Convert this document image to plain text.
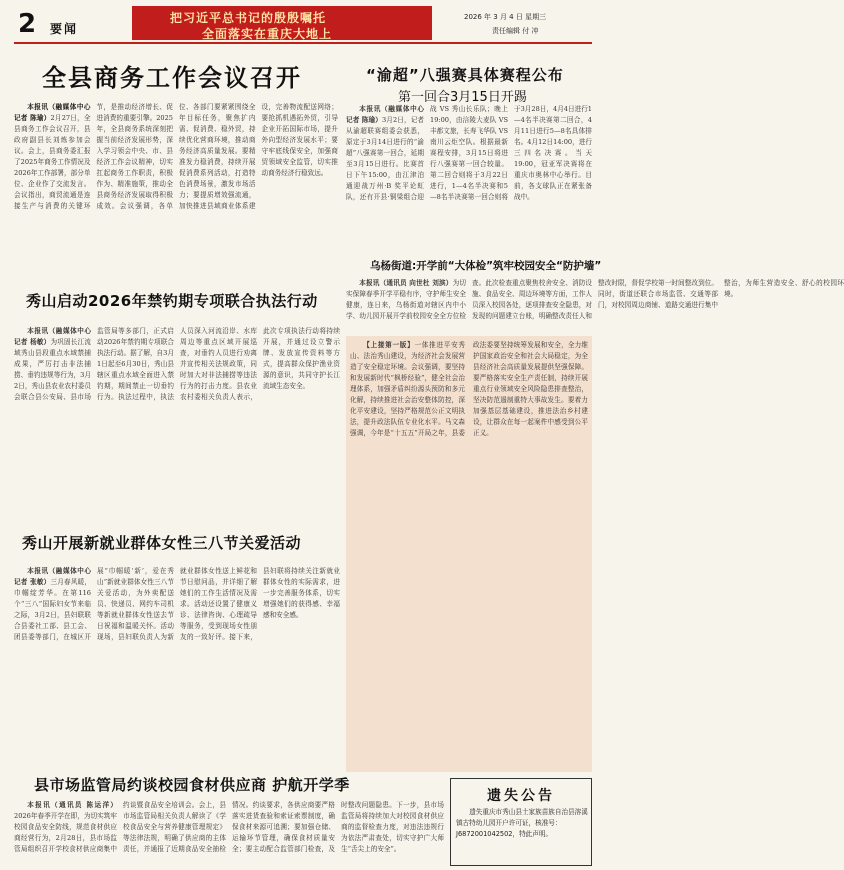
2 要闻
把习近平总书记的殷殷嘱托
全面落实在重庆大地上
2026 年 3 月 4 日 星期三
责任编辑 付 冲
全县商务工作会议召开
本报讯（融媒体中心记者 陈瑜）2月27日，全县商务工作会议召开，县政府副县长刘炼参加会议。会上，县商务委汇报了2025年商务工作情况及2026年工作部署，部分单位、企业作了交流发言。会议指出，商贸流通是连接生产与消费的关键环节，是推动经济增长、促进消费的重要引擎。2025年，全县商务系统深刻把握当前经济发展形势，深入学习领会中央、市、县经济工作会议精神，切实扛起商务工作职责，积极作为、精准施策，推动全县商务经济发展取得积极成效。会议强调，各单位、各部门要紧紧围绕全年目标任务，聚焦扩内需、促消费、稳外贸，持续优化营商环境，推动商务经济高质量发展。要精准发力稳消费，持续开展促消费系列活动，打造特色消费场景，激发市场活力；要提质增效强流通，加快推进县域商业体系建设，完善物流配送网络；要抢抓机遇拓外贸，引导企业开拓国际市场，提升外向型经济发展水平；要守牢底线保安全，加强商贸领域安全监管，切实推动商务经济行稳致远。
“渝超”八强赛具体赛程公布
第一回合3月15日开踢
本报讯（融媒体中心记者 陈瑜）3月2日，记者从渝超联赛组委会获悉，原定于3月14日进行的“渝超”八强赛第一回合，延期至3月15日进行。比赛首日下午15:00，由江津泊通迎战万州·B 奖平论虹队，还有开县·铜梁组合迎战 VS 秀山长乐队；晚上19:00，由涪陵大麦队 VS 丰都文旅，长寿飞华队 VS 南川云炬空队。根据最新赛程安排，3月15日将进行八强赛第一回合较量。第二回合则将于3月22日进行，1—4名半决赛和5—8名半决赛第一回合则将于3月28日，4月4日进行1—4名半决赛第二回合，4月11日进行5—8名具体排名。4月12日14:00，进行三四名决赛。当天19:00，冠亚军决赛将在重庆市奥林中心举行。目前，各支球队正在紧张备战中。
乌杨街道:开学前“大体检”筑牢校园安全“防护墙”
本报讯（通讯员 向世杜 刘滨）为切实保障春季开学平稳有序，守护师生安全健康，连日来，乌杨街道对辖区内中小学、幼儿园开展开学前校园安全全方位检查。此次检查重点聚焦校舍安全、消防设施、食品安全、周边环境等方面，工作人员深入校园各处，逐项排查安全隐患，对发现的问题建立台账，明确整改责任人和整改时限，督促学校第一时间整改到位。同时，街道还联合市场监管、交通等部门，对校园周边商铺、道路交通进行集中整治，为师生营造安全、舒心的校园环境。
秀山启动2026年禁钓期专项联合执法行动
本报讯（融媒体中心记者 杨敏）为巩固长江流域秀山县段重点水域禁捕成果，严厉打击非法捕捞、垂钓违规等行为，3月2日，秀山县农业农村委员会联合县公安局、县市场监管局等多部门，正式启动2026年禁钓期专项联合执法行动。据了解，自3月1日起至6月30日，秀山县辖区重点水域全面进入禁钓期，期间禁止一切垂钓行为。执法过程中，执法人员深入河流沿岸、水库周边等重点区域开展巡查，对垂钓人员进行劝离并宣传相关法规政策，同时加大对非法捕捞等违法行为的打击力度。县农业农村委相关负责人表示，此次专项执法行动将持续开展，并通过设立警示牌、发放宣传资料等方式，提高群众保护渔业资源的意识，共同守护长江流域生态安全。
【上接第一版】一体推进平安秀山、法治秀山建设，为经济社会发展营造了安全稳定环境。会议强调，要坚持和发展新时代“枫桥经验”，健全社会治理体系，加强矛盾纠纷源头预防和多元化解，持续推进社会治安整体防控，深化平安建设，坚持严格规范公正文明执法，提升政法队伍专业化水平。马文森强调，今年是“十五五”开局之年，县委政法委要坚持统筹发展和安全，全力维护国家政治安全和社会大局稳定，为全县经济社会高质量发展提供坚强保障。要严格落实安全生产责任制，持续开展重点行业领域安全风险隐患排查整治，坚决防范遏制重特大事故发生。要着力加强基层基础建设，推进法治乡村建设，让群众在每一起案件中感受到公平正义。
秀山开展新就业群体女性三八节关爱活动
本报讯（融媒体中心记者 张敏）三月春风暖，巾帼绽芳华。在第116个“三八”国际妇女节来临之际，3月2日，县妇联联合县委社工部、县工会、团县委等部门，在城区开展“巾帼暖‘新’，爱在秀山”新就业群体女性三八节关爱活动，为外卖配送员、快递员、网约车司机等新就业群体女性送去节日祝福和温暖关怀。活动现场，县妇联负责人为新就业群体女性送上鲜花和节日慰问品，并详细了解她们的工作生活情况及需求。活动还设置了健康义诊、法律咨询、心理疏导等服务，受到现场女性朋友的一致好评。接下来，县妇联将持续关注新就业群体女性的实际需求，进一步完善服务体系，切实增强她们的获得感、幸福感和安全感。
县市场监管局约谈校园食材供应商 护航开学季
本报讯（通讯员 陈运洋）2026年春季开学在即，为切实筑牢校园食品安全防线，规范食材供应商经营行为，2月28日，县市场监管局组织召开学校食材供应商集中约谈暨食品安全培训会。会上，县市场监管局相关负责人解读了《学校食品安全与营养健康管理规定》等法律法规，明确了供应商的主体责任，并通报了近期食品安全抽检情况。约谈要求，各供应商要严格落实进货查验和索证索票制度，确保食材来源可追溯；要加强仓储、运输环节管理，确保食材质量安全；要主动配合监管部门检查，及时整改问题隐患。下一步，县市场监管局将持续加大对校园食材供应商的监督检查力度，对违法违规行为依法严肃查处，切实守护广大师生“舌尖上的安全”。
遗失公告
遗失重庆市秀山县土家族苗族自治县溶溪镇古特幼儿园开户许可证，核准号：J6872001042502，特此声明。
